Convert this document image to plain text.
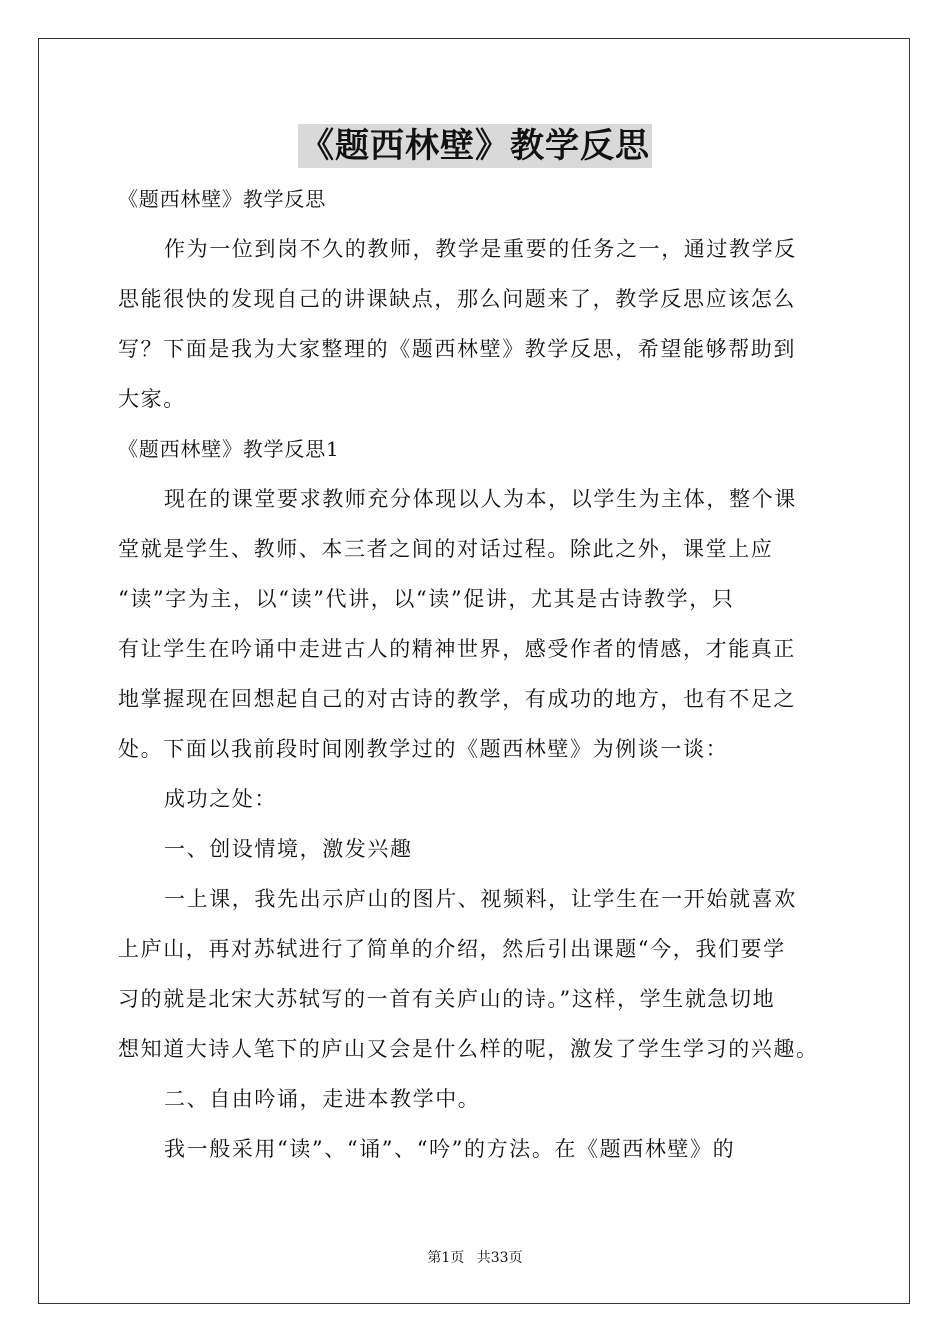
《题西林壁》教学反思
《题西林壁》教学反思
作为一位到岗不久的教师，教学是重要的任务之一，通过教学反
思能很快的发现自己的讲课缺点，那么问题来了，教学反思应该怎么
写？下面是我为大家整理的《题西林壁》教学反思，希望能够帮助到
大家。
《题西林壁》教学反思1
现在的课堂要求教师充分体现以人为本，以学生为主体，整个课
堂就是学生、教师、本三者之间的对话过程。除此之外，课堂上应
“读”字为主，以“读”代讲，以“读”促讲，尤其是古诗教学，只
有让学生在吟诵中走进古人的精神世界，感受作者的情感，才能真正
地掌握现在回想起自己的对古诗的教学，有成功的地方，也有不足之
处。下面以我前段时间刚教学过的《题西林壁》为例谈一谈：
成功之处：
一、创设情境，激发兴趣
一上课，我先出示庐山的图片、视频料，让学生在一开始就喜欢
上庐山，再对苏轼进行了简单的介绍，然后引出课题“今，我们要学
习的就是北宋大苏轼写的一首有关庐山的诗。”这样，学生就急切地
想知道大诗人笔下的庐山又会是什么样的呢，激发了学生学习的兴趣。
二、自由吟诵，走进本教学中。
我一般采用“读”、“诵”、“吟”的方法。在《题西林壁》的
第1页 共33页
